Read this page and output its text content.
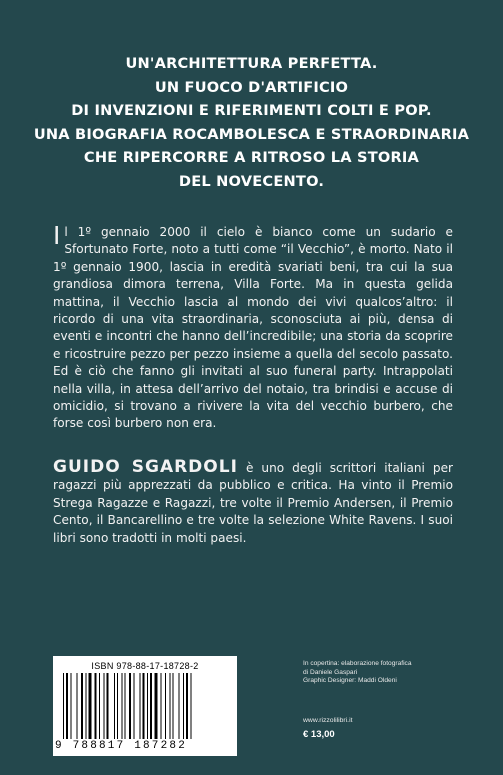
UN'ARCHITETTURA PERFETTA.
UN FUOCO D'ARTIFICIO
DI INVENZIONI E RIFERIMENTI COLTI E POP.
UNA BIOGRAFIA ROCAMBOLESCA E STRAORDINARIA
CHE RIPERCORRE A RITROSO LA STORIA
DEL NOVECENTO.
I l 1º gennaio 2000 il cielo è bianco come un sudario e Sfortunato Forte, noto a tutti come “il Vecchio”, è morto. Nato il 1º gennaio 1900, lascia in eredità svariati beni, tra cui la sua grandiosa dimora terrena, Villa Forte. Ma in questa gelida mattina, il Vecchio lascia al mondo dei vivi qualcos’altro: il ricordo di una vita straordinaria, sconosciuta ai più, densa di eventi e incontri che hanno dell’incredibile; una storia da scoprire e ricostruire pezzo per pezzo insieme a quella del secolo passato. Ed è ciò che fanno gli invitati al suo funeral party. Intrappolati nella villa, in attesa dell’arrivo del notaio, tra brindisi e accuse di omicidio, si trovano a rivivere la vita del vecchio burbero, che forse così burbero non era.
GUIDO SGARDOLI è uno degli scrittori italiani per ragazzi più apprezzati da pubblico e critica. Ha vinto il Premio Strega Ragazze e Ragazzi, tre volte il Premio Andersen, il Premio Cento, il Bancarellino e tre volte la selezione White Ravens. I suoi libri sono tradotti in molti paesi.
ISBN 978-88-17-18728-2
9 788817 187282
In copertina: elaborazione fotografica
di Daniele Gaspari
Graphic Designer: Maddi Oldeni
www.rizzolilibri.it
€ 13,00
